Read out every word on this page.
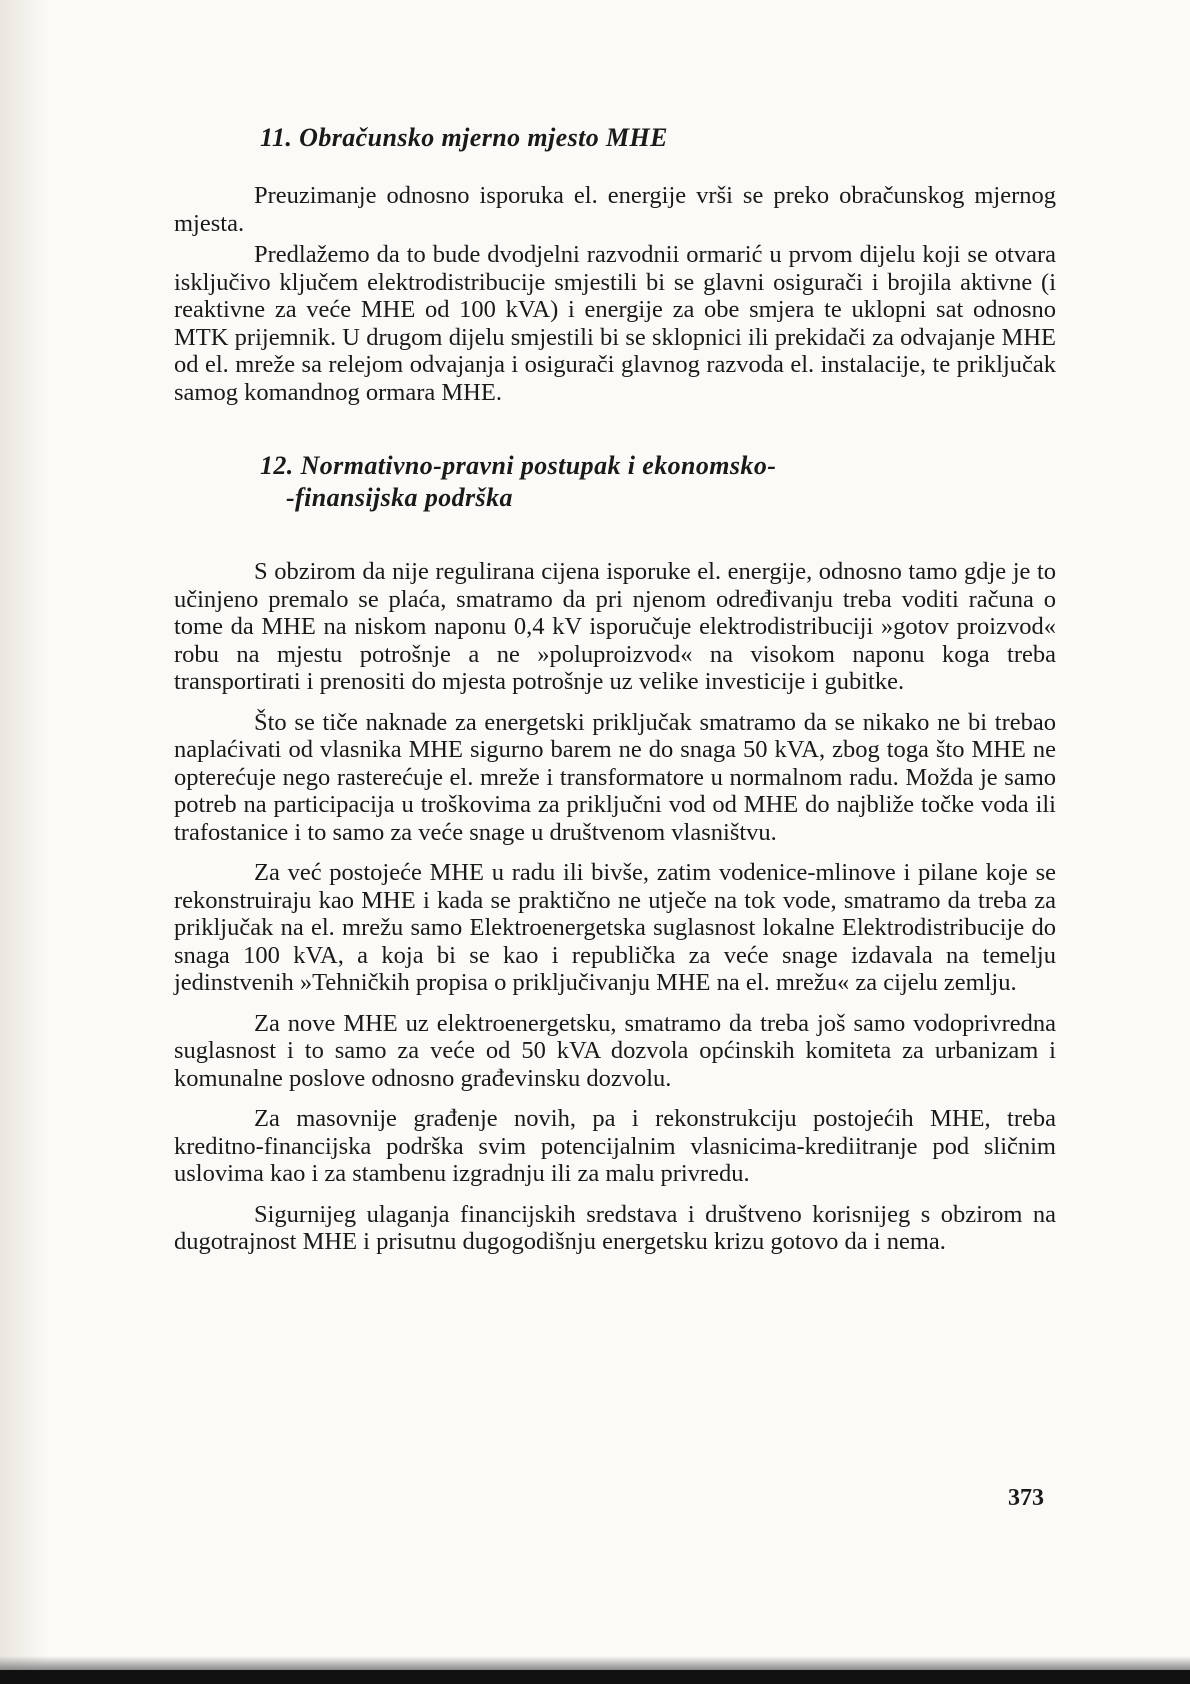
11. Obračunsko mjerno mjesto MHE

Preuzimanje odnosno isporuka el. energije vrši se preko obračunskog mjernog mjesta.

Predlažemo da to bude dvodjelni razvodnii ormarić u prvom dijelu koji se otvara isključivo ključem elektrodistribucije smjestili bi se glavni osigurači i brojila aktivne (i reaktivne za veće MHE od 100 kVA) i energije za obe smjera te uklopni sat odnosno MTK prijemnik. U drugom dijelu smjestili bi se sklopnici ili prekidači za odvajanje MHE od el. mreže sa relejom odvajanja i osigurači glavnog razvoda el. instalacije, te priključak samog komandnog ormara MHE.

12. Normativno-pravni postupak i ekonomsko-
-finansijska podrška

S obzirom da nije regulirana cijena isporuke el. energije, odnosno tamo gdje je to učinjeno premalo se plaća, smatramo da pri njenom određivanju treba voditi računa o tome da MHE na niskom naponu 0,4 kV isporučuje elektrodistribuciji »gotov proizvod« robu na mjestu potrošnje a ne »poluproizvod« na visokom naponu koga treba transportirati i prenositi do mjesta potrošnje uz velike investicije i gubitke.

Što se tiče naknade za energetski priključak smatramo da se nikako ne bi trebao naplaćivati od vlasnika MHE sigurno barem ne do snaga 50 kVA, zbog toga što MHE ne opterećuje nego rasterećuje el. mreže i transformatore u normalnom radu. Možda je samo potreb na participacija u troškovima za priključni vod od MHE do najbliže točke voda ili trafostanice i to samo za veće snage u društvenom vlasništvu.

Za već postojeće MHE u radu ili bivše, zatim vodenice-mlinove i pilane koje se rekonstruiraju kao MHE i kada se praktično ne utječe na tok vode, smatramo da treba za priključak na el. mrežu samo Elektroenergetska suglasnost lokalne Elektrodistribucije do snaga 100 kVA, a koja bi se kao i republička za veće snage izdavala na temelju jedinstvenih »Tehničkih propisa o priključivanju MHE na el. mrežu« za cijelu zemlju.

Za nove MHE uz elektroenergetsku, smatramo da treba još samo vodoprivredna suglasnost i to samo za veće od 50 kVA dozvola općinskih komiteta za urbanizam i komunalne poslove odnosno građevinsku dozvolu.

Za masovnije građenje novih, pa i rekonstrukciju postojećih MHE, treba kreditno-financijska podrška svim potencijalnim vlasnicima-krediitranje pod sličnim uslovima kao i za stambenu izgradnju ili za malu privredu.

Sigurnijeg ulaganja financijskih sredstava i društveno korisnijeg s obzirom na dugotrajnost MHE i prisutnu dugogodišnju energetsku krizu gotovo da i nema.

373
